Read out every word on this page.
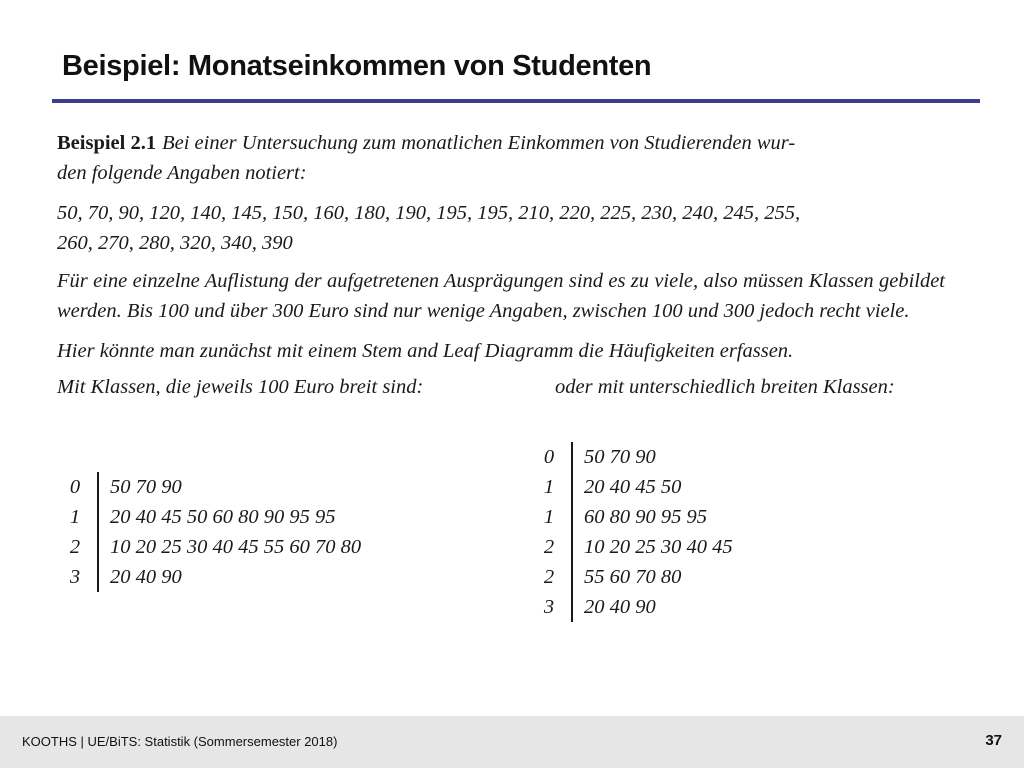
Beispiel: Monatseinkommen von Studenten

Beispiel 2.1 Bei einer Untersuchung zum monatlichen Einkommen von Studierenden wur-
den folgende Angaben notiert:

50, 70, 90, 120, 140, 145, 150, 160, 180, 190, 195, 195, 210, 220, 225, 230, 240, 245, 255,
260, 270, 280, 320, 340, 390

Für eine einzelne Auflistung der aufgetretenen Ausprägungen sind es zu viele, also müssen Klassen gebildet werden. Bis 100 und über 300 Euro sind nur wenige Angaben, zwischen 100 und 300 jedoch recht viele.

Hier könnte man zunächst mit einem Stem and Leaf Diagramm die Häufigkeiten erfassen.

Mit Klassen, die jeweils 100 Euro breit sind:	oder mit unterschiedlich breiten Klassen:
0 50 70 90
1 20 40 45 50 60 80 90 95 95
2 10 20 25 30 40 45 55 60 70 80
3 20 40 90
0 50 70 90
1 20 40 45 50
1 60 80 90 95 95
2 10 20 25 30 40 45
2 55 60 70 80
3 20 40 90
KOOTHS | UE/BiTS: Statistik (Sommersemester 2018)	37
